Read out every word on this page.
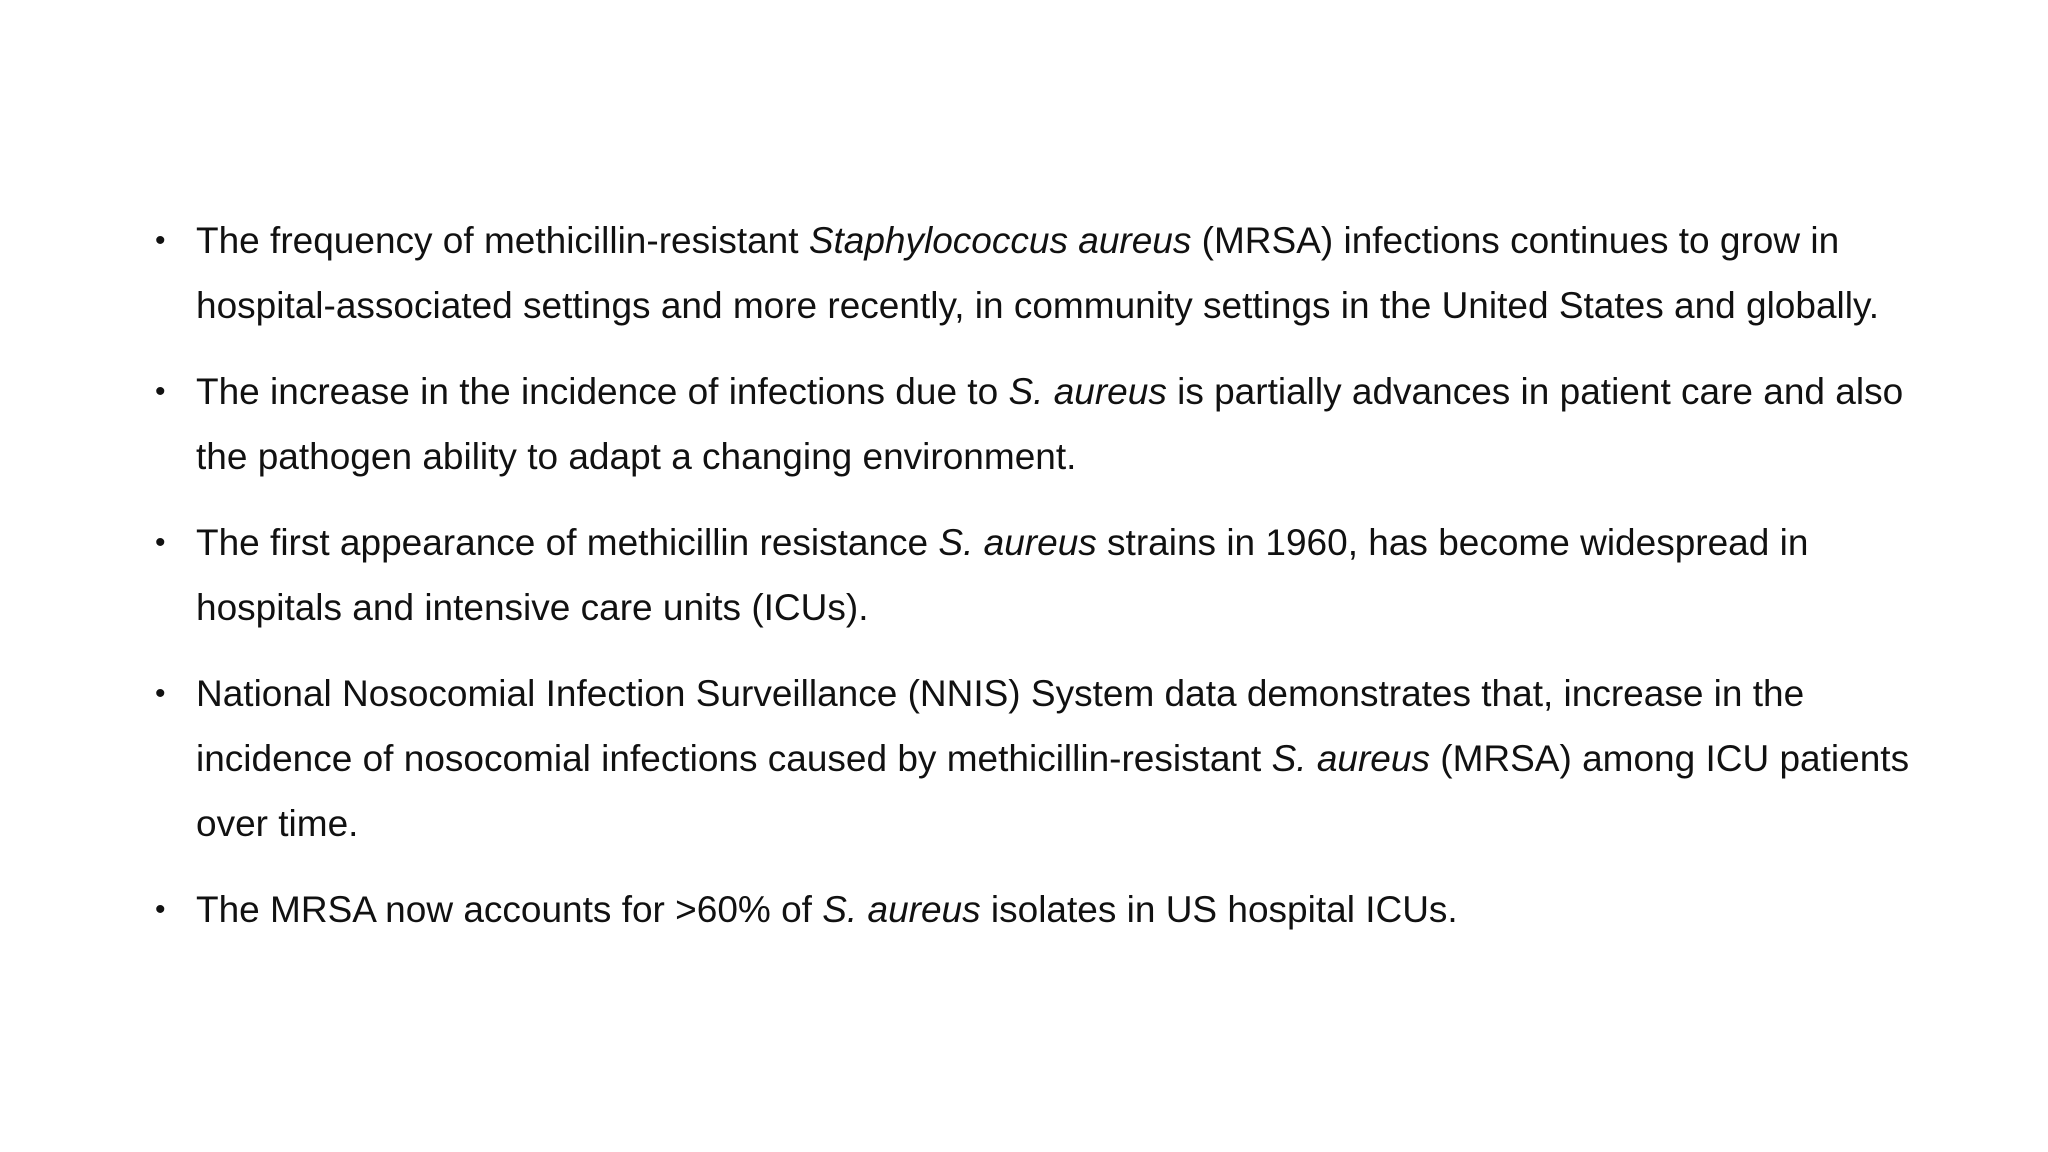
• The frequency of methicillin-resistant Staphylococcus aureus (MRSA) infections continues to grow in hospital-associated settings and more recently, in community settings in the United States and globally.
• The increase in the incidence of infections due to S. aureus is partially advances in patient care and also the pathogen ability to adapt a changing environment.
• The first appearance of methicillin resistance S. aureus strains in 1960, has become widespread in hospitals and intensive care units (ICUs).
• National Nosocomial Infection Surveillance (NNIS) System data demonstrates that, increase in the incidence of nosocomial infections caused by methicillin-resistant S. aureus (MRSA) among ICU patients over time.
• The MRSA now accounts for >60% of S. aureus isolates in US hospital ICUs.
